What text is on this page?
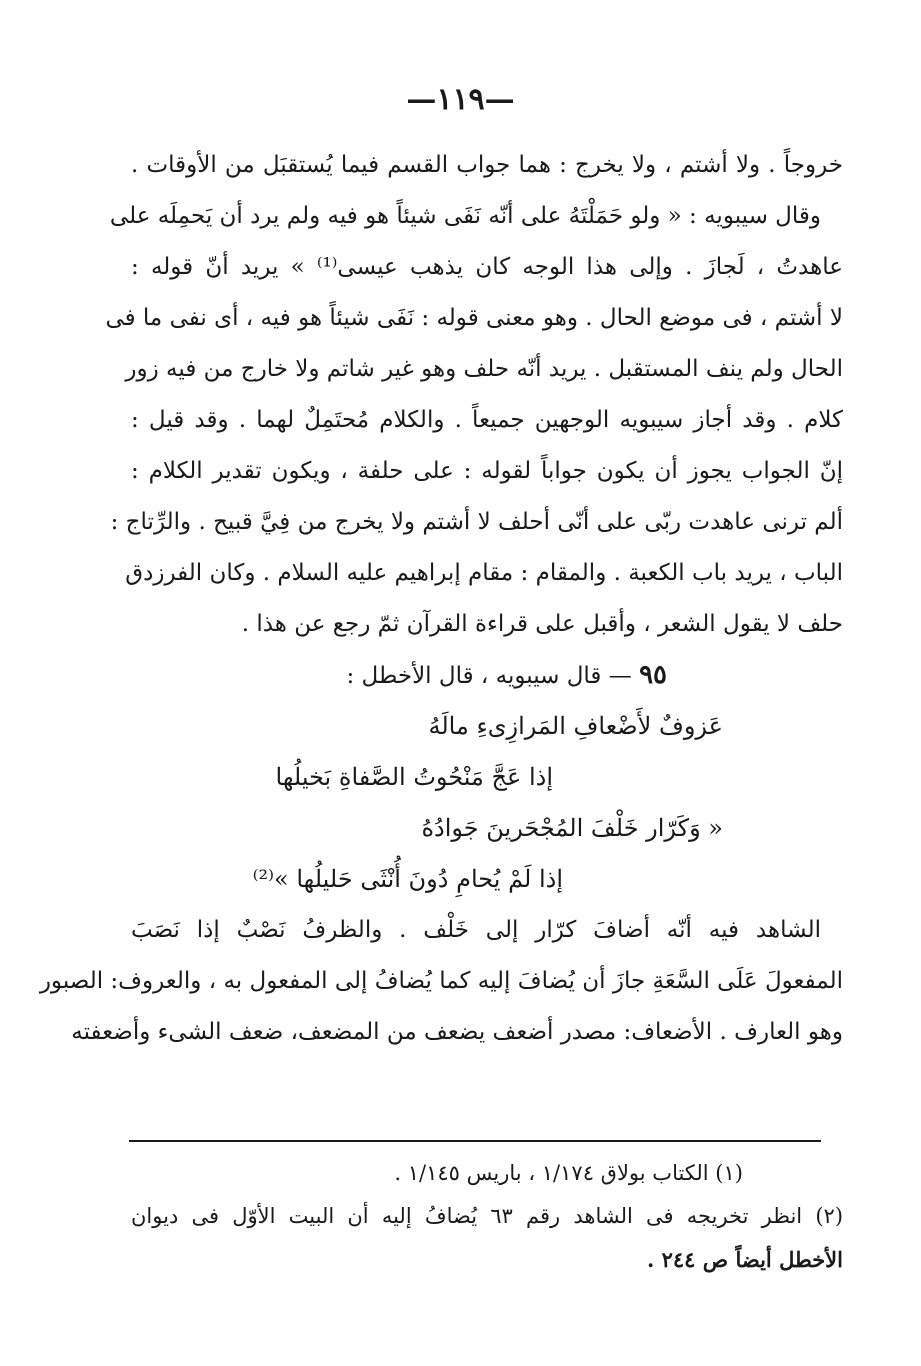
—١١٩—
خروجاً . ولا أشتم ، ولا يخرج : هما جواب القسم فيما يُستقبَل من الأوقات .
وقال سيبويه : « ولو حَمَلْتَهُ على أنّه نَفَى شيئاً هو فيه ولم يرد أن يَحمِلَه على
عاهدتُ ، لَجازَ . وإلى هذا الوجه كان يذهب عيسى⁽¹⁾ » يريد أنّ قوله :
لا أشتم ، فى موضع الحال . وهو معنى قوله : نَفَى شيئاً هو فيه ، أى نفى ما فى
الحال ولم ينف المستقبل . يريد أنّه حلف وهو غير شاتم ولا خارج من فيه زور
كلام . وقد أجاز سيبويه الوجهين جميعاً . والكلام مُحتَمِلٌ لهما . وقد قيل :
إنّ الجواب يجوز أن يكون جواباً لقوله : على حلفة ، ويكون تقدير الكلام :
ألم ترنى عاهدت ربّى على أنّى أحلف لا أشتم ولا يخرج من فِيَّ قبيح . والرِّتاج :
الباب ، يريد باب الكعبة . والمقام : مقام إبراهيم عليه السلام . وكان الفرزدق
حلف لا يقول الشعر ، وأقبل على قراءة القرآن ثمّ رجع عن هذا .
٩٥ — قال سيبويه ، قال الأخطل :
عَزوفٌ لأَضْعافِ المَرازِىءِ مالَهُ
إذا عَجَّ مَنْحُوتُ الصَّفاةِ بَخيلُها
« وَكَرّار خَلْفَ المُجْحَرينَ جَوادُهُ
إذا لَمْ يُحامِ دُونَ أُنْثَى حَليلُها »⁽²⁾
الشاهد فيه أنّه أضافَ كرّار إلى خَلْف . والظرفُ نَصْبٌ إذا نَصَبَ
المفعولَ عَلَى السَّعَةِ جازَ أن يُضافَ إليه كما يُضافُ إلى المفعول به ، والعروف: الصبور
وهو العارف . الأضعاف: مصدر أضعف يضعف من المضعف، ضعف الشىء وأضعفته
(١) الكتاب بولاق ١/١٧٤ ، باريس ١/١٤٥ .
(٢) انظر تخريجه فى الشاهد رقم ٦٣ يُضافُ إليه أن البيت الأوّل فى ديوان
الأخطل أيضاً ص ٢٤٤ .
